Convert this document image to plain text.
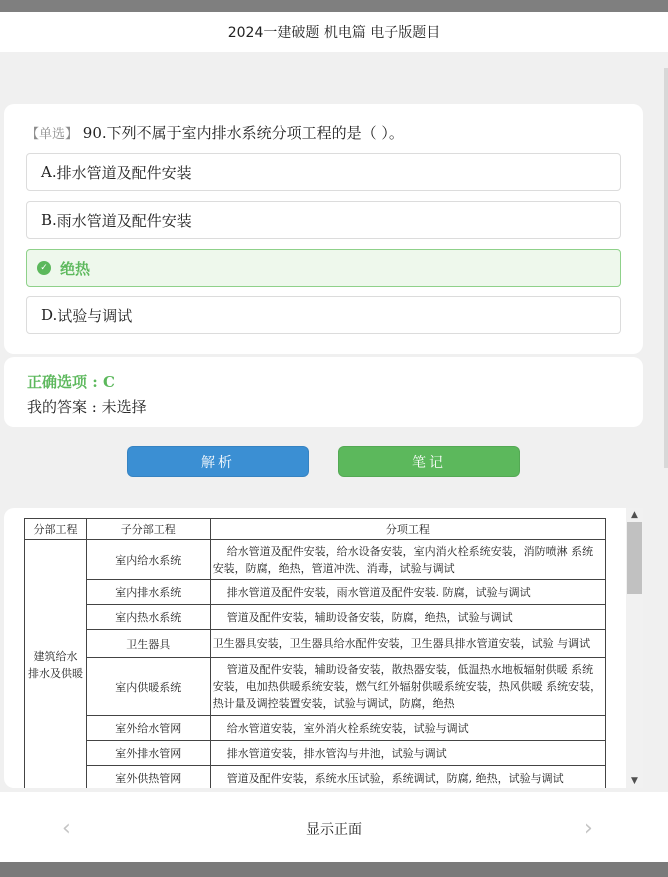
2024一建破题 机电篇 电子版题目
【单选】 90.下列不属于室内排水系统分项工程的是（ ）。
A. 排水管道及配件安装
B. 雨水管道及配件安装
✓ 绝热
D. 试验与调试
正确选项 : C
我的答案 : 未选择
解析	笔记
分部工程	子分部工程	分项工程
建筑给水 排水及供暖	室内给水系统	给水管道及配件安装，给水设备安装，室内消火栓系统安装，消防喷淋 系统安装，防腐，绝热，管道冲洗、消毒，试验与调试
	室内排水系统	排水管道及配件安装，雨水管道及配件安装. 防腐，试验与调试
	室内热水系统	管道及配件安装，辅助设备安装，防腐，绝热，试验与调试
	卫生器具	卫生器具安装，卫生器具给水配件安装，卫生器具排水管道安装，试验 与调试
	室内供暖系统	管道及配件安装，辅助设备安装，散热器安装，低温热水地板辐射供暖 系统安装，电加热供暖系统安装，燃气红外辐射供暖系统安装，热风供暖 系统安装，热计量及调控装置安装，试验与调试，防腐，绝热
	室外给水管网	给水管道安装，室外消火栓系统安装，试验与调试
	室外排水管网	排水管道安装，排水管沟与井池，试验与调试
	室外供热管网	管道及配件安装，系统水压试验，系统调试，防腐, 绝热，试验与调试
▲
▼
‹	显示正面	›
